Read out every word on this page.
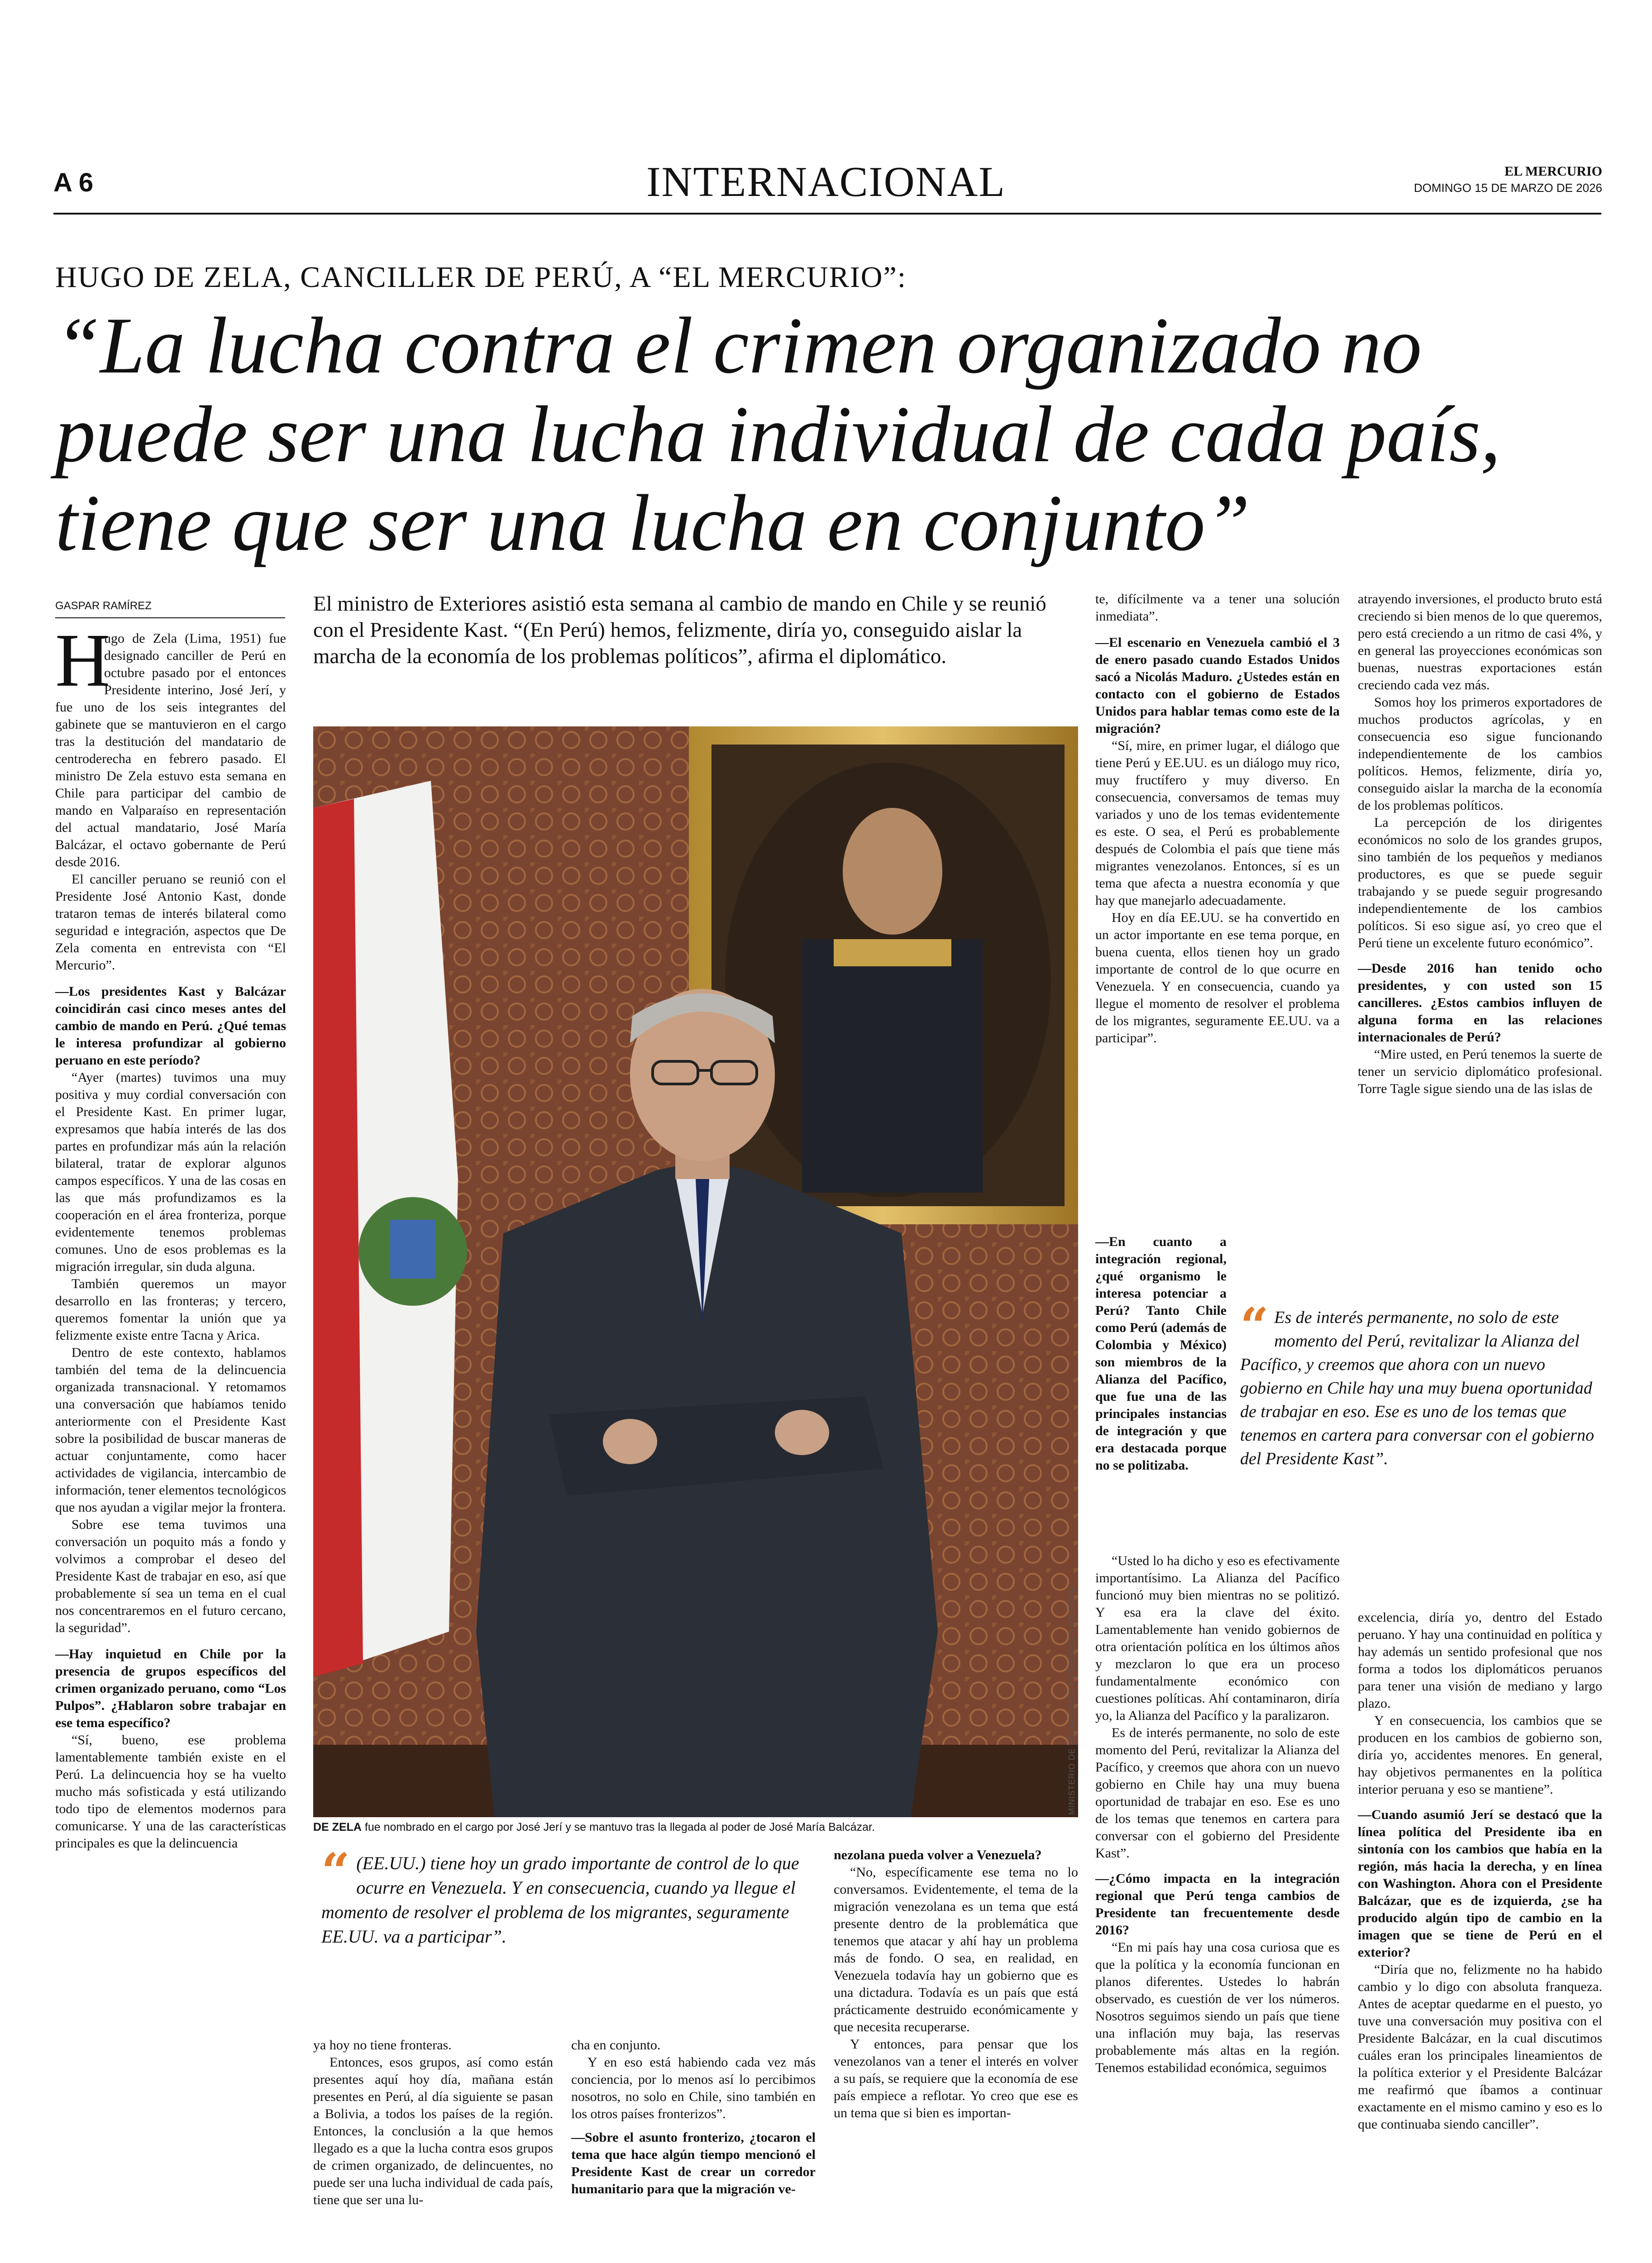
A 6	INTERNACIONAL	EL MERCURIO
DOMINGO 15 DE MARZO DE 2026
HUGO DE ZELA, CANCILLER DE PERÚ, A “EL MERCURIO”:
“La lucha contra el crimen organizado no
puede ser una lucha individual de cada país,
tiene que ser una lucha en conjunto”
GASPAR RAMÍREZ	El ministro de Exteriores asistió esta semana al cambio de mando en Chile y se reunió con el Presidente Kast. “(En Perú) hemos, felizmente, diría yo, conseguido aislar la marcha de la economía de los problemas políticos”, afirma el diplomático.
MINISTERIO DE RELACIONES EXTERIORES DE PERÚ
DE ZELA fue nombrado en el cargo por José Jerí y se mantuvo tras la llegada al poder de José María Balcázar.
H

ugo de Zela (Lima, 1951) fue designado canciller de Perú en octubre pasado por el entonces Presidente interino, José Jerí, y fue uno de los seis integrantes del gabinete que se mantuvieron en el cargo tras la destitución del mandatario de centroderecha en febrero pasado. El ministro De Zela estuvo esta semana en Chile para participar del cambio de mando en Valparaíso en representación del actual mandatario, José María Balcázar, el octavo gobernante de Perú desde 2016.

El canciller peruano se reunió con el Presidente José Antonio Kast, donde trataron temas de interés bilateral como seguridad e integración, aspectos que De Zela comenta en entrevista con “El Mercurio”.

—Los presidentes Kast y Balcázar coincidirán casi cinco meses antes del cambio de mando en Perú. ¿Qué temas le interesa profundizar al gobierno peruano en este período?

“Ayer (martes) tuvimos una muy positiva y muy cordial conversación con el Presidente Kast. En primer lugar, expresamos que había interés de las dos partes en profundizar más aún la relación bilateral, tratar de explorar algunos campos específicos. Y una de las cosas en las que más profundizamos es la cooperación en el área fronteriza, porque evidentemente tenemos problemas comunes. Uno de esos problemas es la migración irregular, sin duda alguna.

También queremos un mayor desarrollo en las fronteras; y tercero, queremos fomentar la unión que ya felizmente existe entre Tacna y Arica.

Dentro de este contexto, hablamos también del tema de la delincuencia organizada transnacional. Y retomamos una conversación que habíamos tenido anteriormente con el Presidente Kast sobre la posibilidad de buscar maneras de actuar conjuntamente, como hacer actividades de vigilancia, intercambio de información, tener elementos tecnológicos que nos ayudan a vigilar mejor la frontera.

Sobre ese tema tuvimos una conversación un poquito más a fondo y volvimos a comprobar el deseo del Presidente Kast de trabajar en eso, así que probablemente sí sea un tema en el cual nos concentraremos en el futuro cercano, la seguridad”.

—Hay inquietud en Chile por la presencia de grupos específicos del crimen organizado peruano, como “Los Pulpos”. ¿Hablaron sobre trabajar en ese tema específico?

“Sí, bueno, ese problema lamentablemente también existe en el Perú. La delincuencia hoy se ha vuelto mucho más sofisticada y está utilizando todo tipo de elementos modernos para comunicarse. Y una de las características principales es que la delincuencia	“ (EE.UU.) tiene hoy un grado importante de control de lo que ocurre en Venezuela. Y en consecuencia, cuando ya llegue el momento de resolver el problema de los migrantes, seguramente EE.UU. va a participar”.

ya hoy no tiene fronteras.

Entonces, esos grupos, así como están presentes aquí hoy día, mañana están presentes en Perú, al día siguiente se pasan a Bolivia, a todos los países de la región. Entonces, la conclusión a la que hemos llegado es a que la lucha contra esos grupos de crimen organizado, de delincuentes, no puede ser una lucha individual de cada país, tiene que ser una lu-

cha en conjunto.

Y en eso está habiendo cada vez más conciencia, por lo menos así lo percibimos nosotros, no solo en Chile, sino también en los otros países fronterizos”.

—Sobre el asunto fronterizo, ¿tocaron el tema que hace algún tiempo mencionó el Presidente Kast de crear un corredor humanitario para que la migración ve-

nezolana pueda volver a Venezuela?

“No, específicamente ese tema no lo conversamos. Evidentemente, el tema de la migración venezolana es un tema que está presente dentro de la problemática que tenemos que atacar y ahí hay un problema más de fondo. O sea, en realidad, en Venezuela todavía hay un gobierno que es una dictadura. Todavía es un país que está prácticamente destruido económicamente y que necesita recuperarse.

Y entonces, para pensar que los venezolanos van a tener el interés en volver a su país, se requiere que la economía de ese país empiece a reflotar. Yo creo que ese es un tema que si bien es importan-

te, difícilmente va a tener una solución inmediata”.

—El escenario en Venezuela cambió el 3 de enero pasado cuando Estados Unidos sacó a Nicolás Maduro. ¿Ustedes están en contacto con el gobierno de Estados Unidos para hablar temas como este de la migración?

“Sí, mire, en primer lugar, el diálogo que tiene Perú y EE.UU. es un diálogo muy rico, muy fructífero y muy diverso. En consecuencia, conversamos de temas muy variados y uno de los temas evidentemente es este. O sea, el Perú es probablemente después de Colombia el país que tiene más migrantes venezolanos. Entonces, sí es un tema que afecta a nuestra economía y que hay que manejarlo adecuadamente.

Hoy en día EE.UU. se ha convertido en un actor importante en ese tema porque, en buena cuenta, ellos tienen hoy un grado importante de control de lo que ocurre en Venezuela. Y en consecuencia, cuando ya llegue el momento de resolver el problema de los migrantes, seguramente EE.UU. va a participar”.

—En cuanto a integración regional, ¿qué organismo le interesa potenciar a Perú? Tanto Chile como Perú (además de Colombia y México) son miembros de la Alianza del Pacífico, que fue una de las principales instancias de integración y que era destacada porque no se politizaba.

“Usted lo ha dicho y eso es efectivamente importantísimo. La Alianza del Pacífico funcionó muy bien mientras no se politizó. Y esa era la clave del éxito. Lamentablemente han venido gobiernos de otra orientación política en los últimos años y mezclaron lo que era un proceso fundamentalmente económico con cuestiones políticas. Ahí contaminaron, diría yo, la Alianza del Pacífico y la paralizaron.

Es de interés permanente, no solo de este momento del Perú, revitalizar la Alianza del Pacífico, y creemos que ahora con un nuevo gobierno en Chile hay una muy buena oportunidad de trabajar en eso. Ese es uno de los temas que tenemos en cartera para conversar con el gobierno del Presidente Kast”.

—¿Cómo impacta en la integración regional que Perú tenga cambios de Presidente tan frecuentemente desde 2016?

“En mi país hay una cosa curiosa que es que la política y la economía funcionan en planos diferentes. Ustedes lo habrán observado, es cuestión de ver los números. Nosotros seguimos siendo un país que tiene una inflación muy baja, las reservas probablemente más altas en la región. Tenemos estabilidad económica, seguimos

atrayendo inversiones, el producto bruto está creciendo si bien menos de lo que queremos, pero está creciendo a un ritmo de casi 4%, y en general las proyecciones económicas son buenas, nuestras exportaciones están creciendo cada vez más.

Somos hoy los primeros exportadores de muchos productos agrícolas, y en consecuencia eso sigue funcionando independientemente de los cambios políticos. Hemos, felizmente, diría yo, conseguido aislar la marcha de la economía de los problemas políticos.

La percepción de los dirigentes económicos no solo de los grandes grupos, sino también de los pequeños y medianos productores, es que se puede seguir trabajando y se puede seguir progresando independientemente de los cambios políticos. Si eso sigue así, yo creo que el Perú tiene un excelente futuro económico”.

—Desde 2016 han tenido ocho presidentes, y con usted son 15 cancilleres. ¿Estos cambios influyen de alguna forma en las relaciones internacionales de Perú?

“Mire usted, en Perú tenemos la suerte de tener un servicio diplomático profesional. Torre Tagle sigue siendo una de las islas de

“ Es de interés permanente, no solo de este momento del Perú, revitalizar la Alianza del Pacífico, y creemos que ahora con un nuevo gobierno en Chile hay una muy buena oportunidad de trabajar en eso. Ese es uno de los temas que tenemos en cartera para conversar con el gobierno del Presidente Kast”.

excelencia, diría yo, dentro del Estado peruano. Y hay una continuidad en política y hay además un sentido profesional que nos forma a todos los diplomáticos peruanos para tener una visión de mediano y largo plazo.

Y en consecuencia, los cambios que se producen en los cambios de gobierno son, diría yo, accidentes menores. En general, hay objetivos permanentes en la política interior peruana y eso se mantiene”.

—Cuando asumió Jerí se destacó que la línea política del Presidente iba en sintonía con los cambios que había en la región, más hacia la derecha, y en línea con Washington. Ahora con el Presidente Balcázar, que es de izquierda, ¿se ha producido algún tipo de cambio en la imagen que se tiene de Perú en el exterior?

“Diría que no, felizmente no ha habido cambio y lo digo con absoluta franqueza. Antes de aceptar quedarme en el puesto, yo tuve una conversación muy positiva con el Presidente Balcázar, en la cual discutimos cuáles eran los principales lineamientos de la política exterior y el Presidente Balcázar me reafirmó que íbamos a continuar exactamente en el mismo camino y eso es lo que continuaba siendo canciller”.
